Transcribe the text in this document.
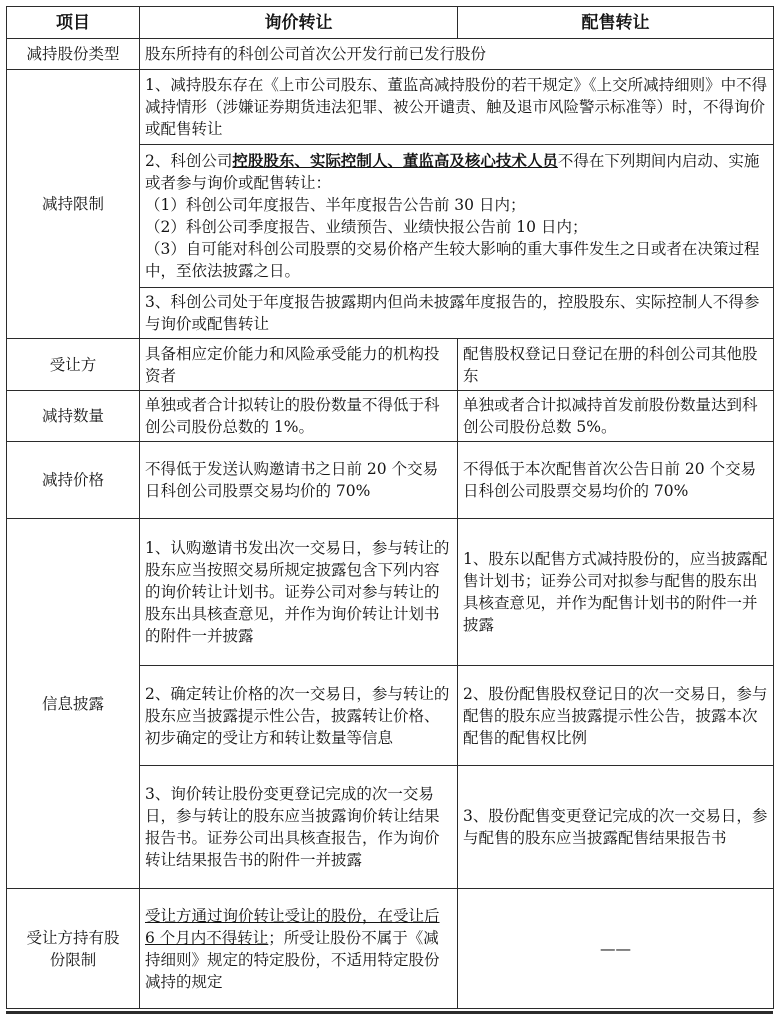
项目	询价转让	配售转让
减持股份类型	股东所持有的科创公司首次公开发行前已发行股份	
减持限制	1、减持股东存在《上市公司股东、董监高减持股份的若干规定》《上交所减持细则》中不得减持情形（涉嫌证券期货违法犯罪、被公开谴责、触及退市风险警示标准等）时，不得询价或配售转让	
	2、科创公司控股股东、实际控制人、董监高及核心技术人员不得在下列期间内启动、实施或者参与询价或配售转让：
（1）科创公司年度报告、半年度报告公告前 30 日内；
（2）科创公司季度报告、业绩预告、业绩快报公告前 10 日内；
（3）自可能对科创公司股票的交易价格产生较大影响的重大事件发生之日或者在决策过程中，至依法披露之日。	

	3、科创公司处于年度报告披露期内但尚未披露年度报告的，控股股东、实际控制人不得参与询价或配售转让	
受让方	具备相应定价能力和风险承受能力的机构投资者	配售股权登记日登记在册的科创公司其他股东
减持数量	单独或者合计拟转让的股份数量不得低于科创公司股份总数的 1%。	单独或者合计拟减持首发前股份数量达到科创公司股份总数 5%。
减持价格	不得低于发送认购邀请书之日前 20 个交易日科创公司股票交易均价的 70%	不得低于本次配售首次公告日前 20 个交易日科创公司股票交易均价的 70%
信息披露	1、认购邀请书发出次一交易日，参与转让的股东应当按照交易所规定披露包含下列内容的询价转让计划书。证券公司对参与转让的股东出具核查意见，并作为询价转让计划书的附件一并披露	1、股东以配售方式减持股份的，应当披露配售计划书；证券公司对拟参与配售的股东出具核查意见，并作为配售计划书的附件一并披露
	2、确定转让价格的次一交易日，参与转让的股东应当披露提示性公告，披露转让价格、初步确定的受让方和转让数量等信息	2、股份配售股权登记日的次一交易日，参与配售的股东应当披露提示性公告，披露本次配售的配售权比例
	3、询价转让股份变更登记完成的次一交易日，参与转让的股东应当披露询价转让结果报告书。证券公司出具核查报告，作为询价转让结果报告书的附件一并披露	3、股份配售变更登记完成的次一交易日，参与配售的股东应当披露配售结果报告书

受让方持有股
份限制	受让方通过询价转让受让的股份，在受让后 6 个月内不得转让；所受让股份不属于《减持细则》规定的特定股份，不适用特定股份减持的规定	——
